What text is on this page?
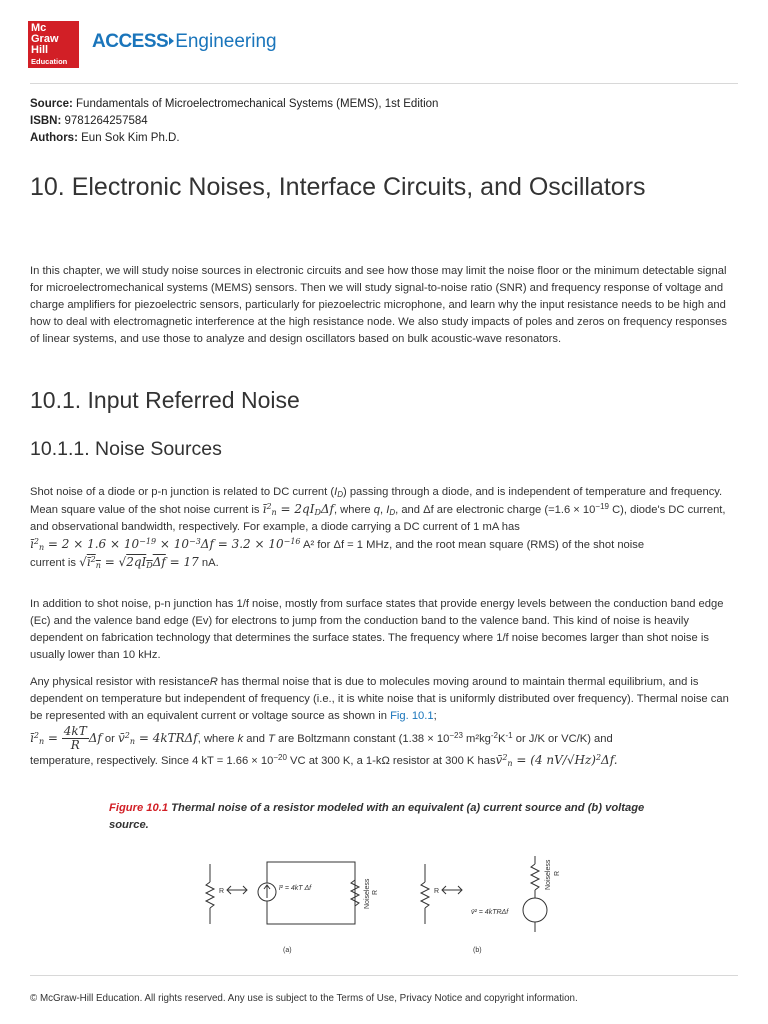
Mc
Graw
Hill
Education
ACCESS Engineering
Source: Fundamentals of Microelectromechanical Systems (MEMS), 1st Edition
ISBN: 9781264257584
Authors: Eun Sok Kim Ph.D.
10. Electronic Noises, Interface Circuits, and Oscillators
In this chapter, we will study noise sources in electronic circuits and see how those may limit the noise floor or the minimum detectable signal for microelectromechanical systems (MEMS) sensors. Then we will study signal-to-noise ratio (SNR) and frequency response of voltage and charge amplifiers for piezoelectric sensors, particularly for piezoelectric microphone, and learn why the input resistance needs to be high and how to deal with electromagnetic interference at the high resistance node. We also study impacts of poles and zeros on frequency responses of linear systems, and use those to analyze and design oscillators based on bulk acoustic-wave resonators.
10.1. Input Referred Noise
10.1.1. Noise Sources
Shot noise of a diode or p-n junction is related to DC current $(I_D)$ passing through a diode, and is independent of temperature and frequency. Mean square value of the shot noise current is ī$^2_n$ = $2qI_D\Delta f$, where q, $I_D$, and Δf are electronic charge ($=1.6 \times 10^{-19}$ C), diode's DC current, and observational bandwidth, respectively. For example, a diode carrying a DC current of 1 mA has
ī$^2_n$ = $2 \times 1.6 \times 10^{-19} \times 10^{-3}\Delta f = 3.2 \times 10^{-16}$ A² for Δf = 1 MHz, and the root mean square (RMS) of the shot noise
current is √ī$^2_n$ = $√2qI_D\Delta f = 17$ nA.
In addition to shot noise, p-n junction has 1/f noise, mostly from surface states that provide energy levels between the conduction band edge (Ec) and the valence band edge (Ev) for electrons to jump from the conduction band to the valence band. This kind of noise is heavily dependent on fabrication technology that determines the surface states. The frequency where 1/f noise becomes larger than shot noise is usually lower than 10 kHz.
Any physical resistor with resistanceR has thermal noise that is due to molecules moving around to maintain thermal equilibrium, and is dependent on temperature but independent of frequency (i.e., it is white noise that is uniformly distributed over frequency). Thermal noise can be represented with an equivalent current or voltage source as shown in Fig. 10.1;
ī$^2_n$ = $\frac{4kT}{R}$ Δf or v̄$^2_n$ = 4kTRΔf, where k and T are Boltzmann constant ($1.38 \times 10^{-23}$ $m^2kg^{-2}K^{-1}$ or J/K or VC/K) and
temperature, respectively. Since 4 kT = $1.66 \times 10^{-20}$ VC at 300 K, a 1-kΩ resistor at 300 K hasv̄$^2_n$ = (4 nV/√Hz)$^2$Δf.
Figure 10.1 Thermal noise of a resistor modeled with an equivalent (a) current source and (b) voltage source.
R	ī² = 4kT Δf	R
v̄² = 4kTRΔf
(a)	(b)
Noiseless R
Noiseless R
© McGraw-Hill Education. All rights reserved. Any use is subject to the Terms of Use, Privacy Notice and copyright information.
